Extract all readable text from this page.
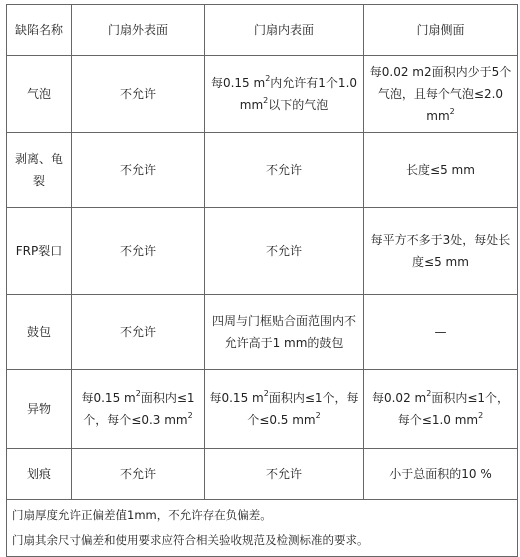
缺陷名称	门扇外表面	门扇内表面	门扇侧面
气泡	不允许	每0.15 $m^2$内允许有1个1.0 $mm^2$以下的气泡	每0.02 m2面积内少于5个气泡，且每个气泡≤2.0 $mm^2$
剥离、龟裂	不允许	不允许	长度≤5 mm
FRP裂口	不允许	不允许	每平方不多于3处，每处长度≤5 mm
鼓包	不允许	四周与门框贴合面范围内不允许高于1 mm的鼓包	—
异物	每0.15 $m^2$面积内≤1个，每个≤0.3 $mm^2$	每0.15 $m^2$面积内≤1个，每个≤0.5 $mm^2$	每0.02 $m^2$面积内≤1个，每个≤1.0 $mm^2$
划痕	不允许	不允许	小于总面积的10 %

门扇厚度允许正偏差值1mm，不允许存在负偏差。
门扇其余尺寸偏差和使用要求应符合相关验收规范及检测标准的要求。			
